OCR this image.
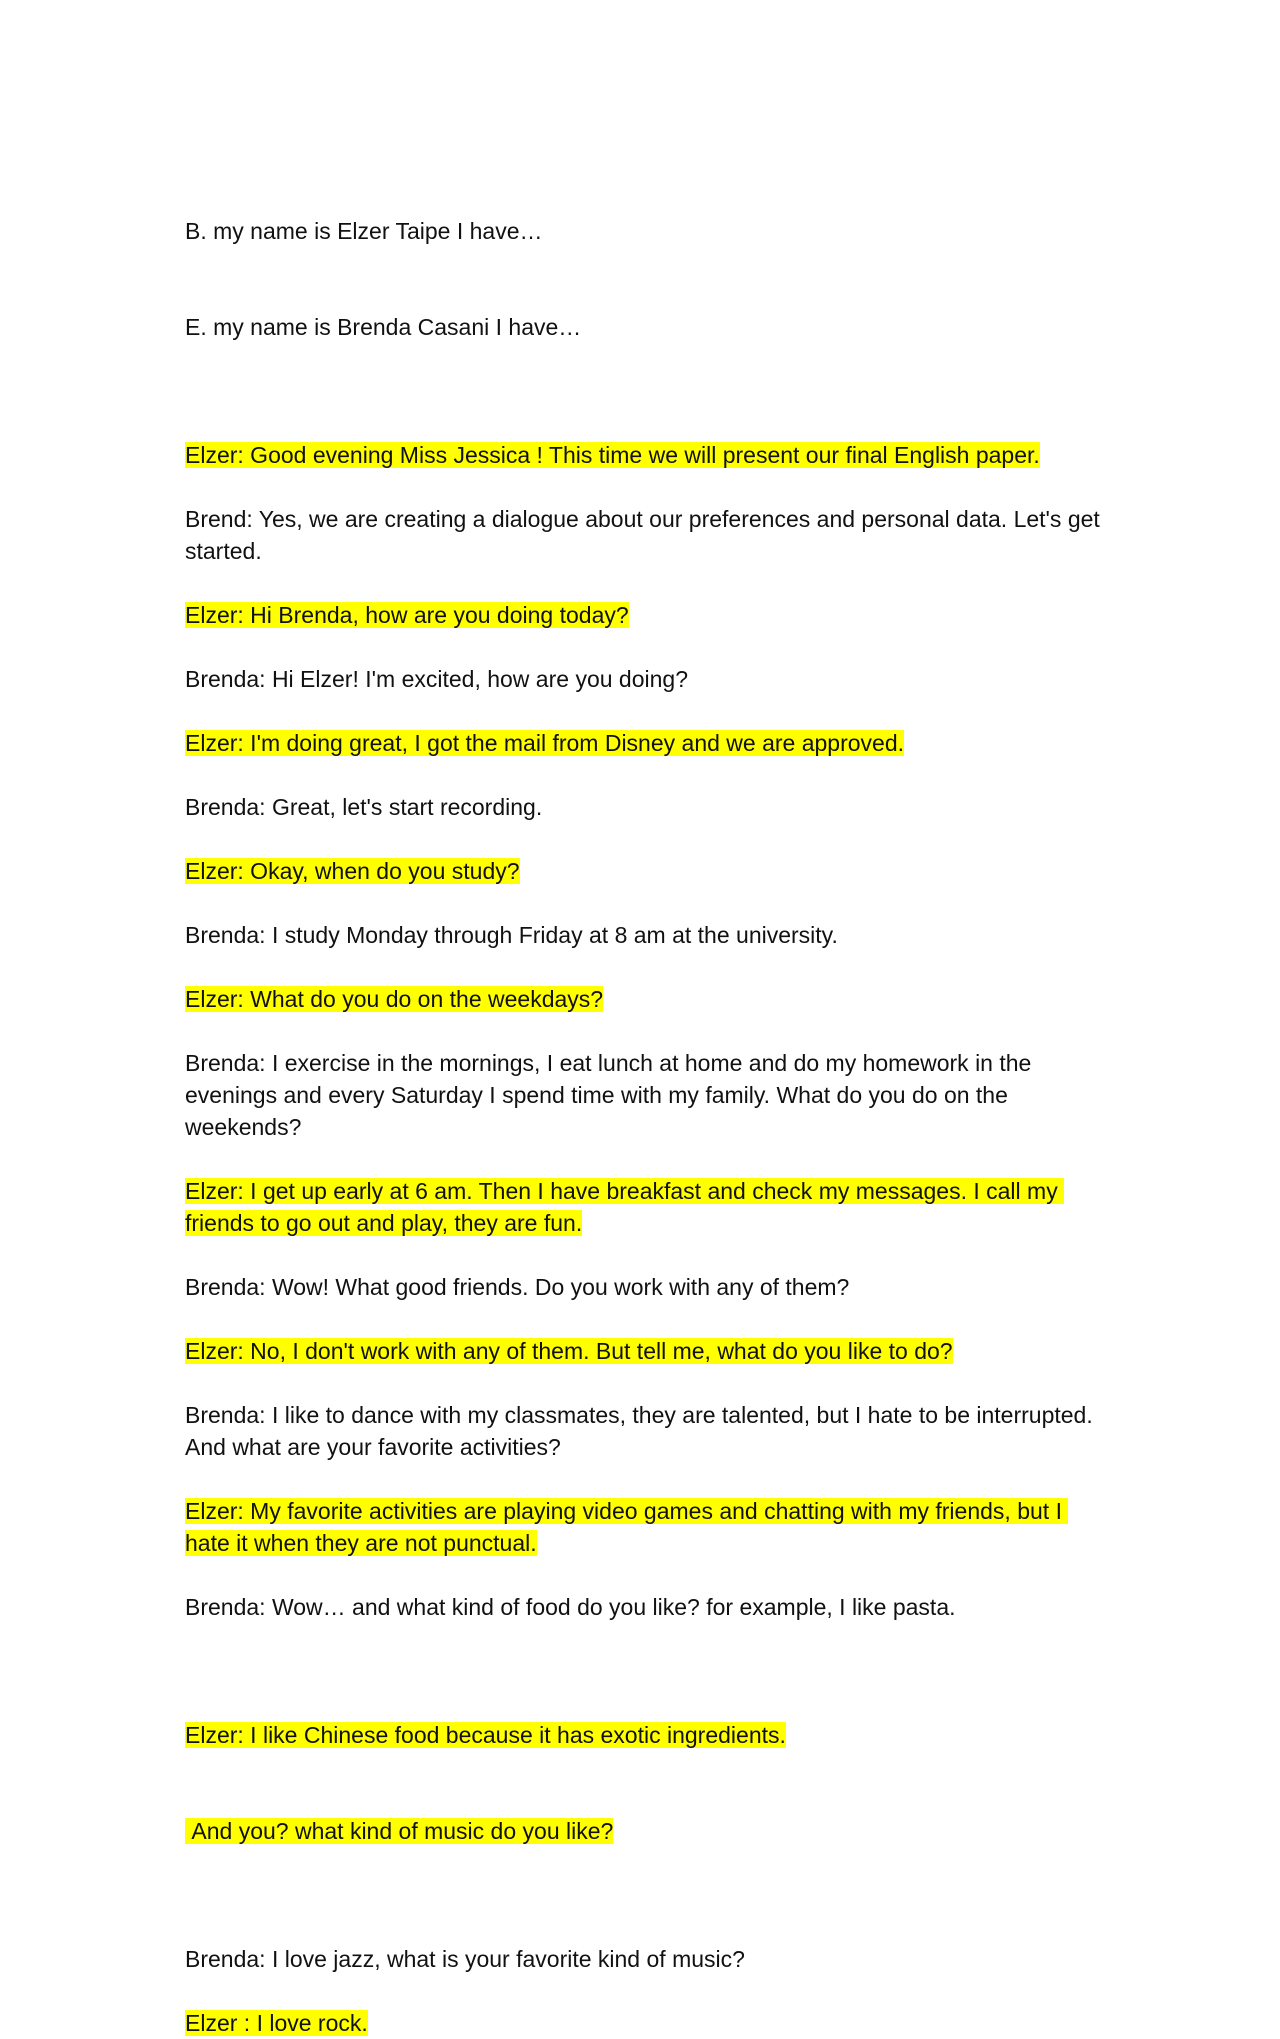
B. my name is Elzer Taipe I have…

E. my name is Brenda Casani I have…

Elzer: Good evening Miss Jessica ! This time we will present our final English paper.
Brend: Yes, we are creating a dialogue about our preferences and personal data. Let's get started.
Elzer: Hi Brenda, how are you doing today?
Brenda: Hi Elzer! I'm excited, how are you doing?
Elzer: I'm doing great, I got the mail from Disney and we are approved.
Brenda: Great, let's start recording.
Elzer: Okay, when do you study?
Brenda: I study Monday through Friday at 8 am at the university.
Elzer: What do you do on the weekdays?
Brenda: I exercise in the mornings, I eat lunch at home and do my homework in the evenings and every Saturday I spend time with my family. What do you do on the weekends?
Elzer: I get up early at 6 am. Then I have breakfast and check my messages. I call my friends to go out and play, they are fun.
Brenda: Wow! What good friends. Do you work with any of them?
Elzer: No, I don't work with any of them. But tell me, what do you like to do?
Brenda: I like to dance with my classmates, they are talented, but I hate to be interrupted. And what are your favorite activities?
Elzer: My favorite activities are playing video games and chatting with my friends, but I hate it when they are not punctual.
Brenda: Wow… and what kind of food do you like? for example, I like pasta.

Elzer: I like Chinese food because it has exotic ingredients.

And you? what kind of music do you like?

Brenda: I love jazz, what is your favorite kind of music?
Elzer : I love rock.
